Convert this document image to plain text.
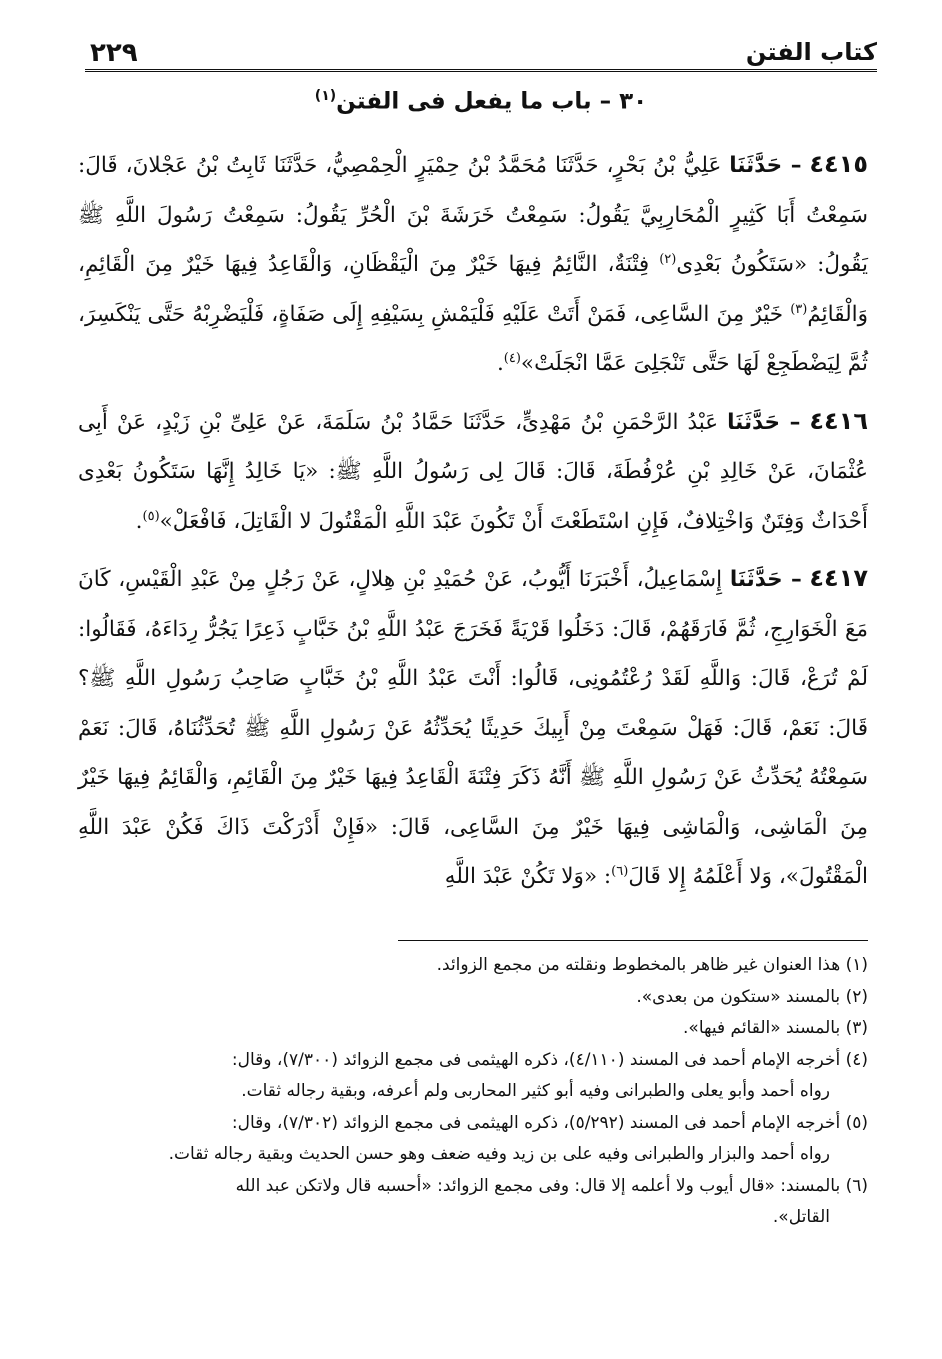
كتاب الفتن
٢٢٩
٣٠ – باب ما يفعل فى الفتن$^{(١)}$

٤٤١٥ – حَدَّثَنَا عَلِيُّ بْنُ بَحْرٍ، حَدَّثَنَا مُحَمَّدُ بْنُ حِمْيَرٍ الْحِمْصِيُّ، حَدَّثَنَا ثَابِتُ بْنُ عَجْلانَ، قَالَ: سَمِعْتُ أَبَا كَثِيرٍ الْمُحَارِبِيَّ يَقُولُ: سَمِعْتُ خَرَشَةَ بْنَ الْحُرِّ يَقُولُ: سَمِعْتُ رَسُولَ اللَّهِ ﷺ يَقُولُ: «سَتَكُونُ بَعْدِى$^{(٢)}$ فِتْنَةٌ، النَّائِمُ فِيهَا خَيْرٌ مِنَ الْيَقْظَانِ، وَالْقَاعِدُ فِيهَا خَيْرٌ مِنَ الْقَائِمِ، وَالْقَائِمُ$^{(٣)}$ خَيْرٌ مِنَ السَّاعِى، فَمَنْ أَتَتْ عَلَيْهِ فَلْيَمْشِ بِسَيْفِهِ إِلَى صَفَاةٍ، فَلْيَضْرِبْهُ حَتَّى يَنْكَسِرَ، ثُمَّ لِيَضْطَجِعْ لَهَا حَتَّى تَنْجَلِىَ عَمَّا انْجَلَتْ»$^{(٤)}$.

٤٤١٦ – حَدَّثَنَا عَبْدُ الرَّحْمَنِ بْنُ مَهْدِىٍّ، حَدَّثَنَا حَمَّادُ بْنُ سَلَمَةَ، عَنْ عَلِىِّ بْنِ زَيْدٍ، عَنْ أَبِى عُثْمَانَ، عَنْ خَالِدِ بْنِ عُرْفُطَةَ، قَالَ: قَالَ لِى رَسُولُ اللَّهِ ﷺ: «يَا خَالِدُ إِنَّهَا سَتَكُونُ بَعْدِى أَحْدَاثٌ وَفِتَنٌ وَاخْتِلافٌ، فَإِنِ اسْتَطَعْتَ أَنْ تَكُونَ عَبْدَ اللَّهِ الْمَقْتُولَ لا الْقَاتِلَ، فَافْعَلْ»$^{(٥)}$.

٤٤١٧ – حَدَّثَنَا إِسْمَاعِيلُ، أَخْبَرَنَا أَيُّوبُ، عَنْ حُمَيْدِ بْنِ هِلالٍ، عَنْ رَجُلٍ مِنْ عَبْدِ الْقَيْسِ، كَانَ مَعَ الْخَوَارِجِ، ثُمَّ فَارَقَهُمْ، قَالَ: دَخَلُوا قَرْيَةً فَخَرَجَ عَبْدُ اللَّهِ بْنُ خَبَّابٍ ذَعِرًا يَجُرُّ رِدَاءَهُ، فَقَالُوا: لَمْ تُرَعْ، قَالَ: وَاللَّهِ لَقَدْ رُعْتُمُونِى، قَالُوا: أَنْتَ عَبْدُ اللَّهِ بْنُ خَبَّابٍ صَاحِبُ رَسُولِ اللَّهِ ﷺ؟ قَالَ: نَعَمْ، قَالَ: فَهَلْ سَمِعْتَ مِنْ أَبِيكَ حَدِيثًا يُحَدِّثُهُ عَنْ رَسُولِ اللَّهِ ﷺ تُحَدِّثُنَاهُ، قَالَ: نَعَمْ سَمِعْتُهُ يُحَدِّثُ عَنْ رَسُولِ اللَّهِ ﷺ أَنَّهُ ذَكَرَ فِتْنَةَ الْقَاعِدُ فِيهَا خَيْرٌ مِنَ الْقَائِمِ، وَالْقَائِمُ فِيهَا خَيْرٌ مِنَ الْمَاشِى، وَالْمَاشِى فِيهَا خَيْرٌ مِنَ السَّاعِى، قَالَ: «فَإِنْ أَدْرَكْتَ ذَاكَ فَكُنْ عَبْدَ اللَّهِ الْمَقْتُولَ»، وَلا أَعْلَمُهُ إِلا قَالَ$^{(٦)}$: «وَلا تَكُنْ عَبْدَ اللَّهِ

(١) هذا العنوان غير ظاهر بالمخطوط ونقلته من مجمع الزوائد.
(٢) بالمسند «ستكون من بعدى».
(٣) بالمسند «القائم فيها».
(٤) أخرجه الإمام أحمد فى المسند (٤/١١٠)، ذكره الهيثمى فى مجمع الزوائد (٧/٣٠٠)، وقال:
رواه أحمد وأبو يعلى والطبرانى وفيه أبو كثير المحاربى ولم أعرفه، وبقية رجاله ثقات.
(٥) أخرجه الإمام أحمد فى المسند (٥/٢٩٢)، ذكره الهيثمى فى مجمع الزوائد (٧/٣٠٢)، وقال:
رواه أحمد والبزار والطبرانى وفيه على بن زيد وفيه ضعف وهو حسن الحديث وبقية رجاله ثقات.
(٦) بالمسند: «قال أيوب ولا أعلمه إلا قال: وفى مجمع الزوائد: «أحسبه قال ولاتكن عبد الله
القاتل».
